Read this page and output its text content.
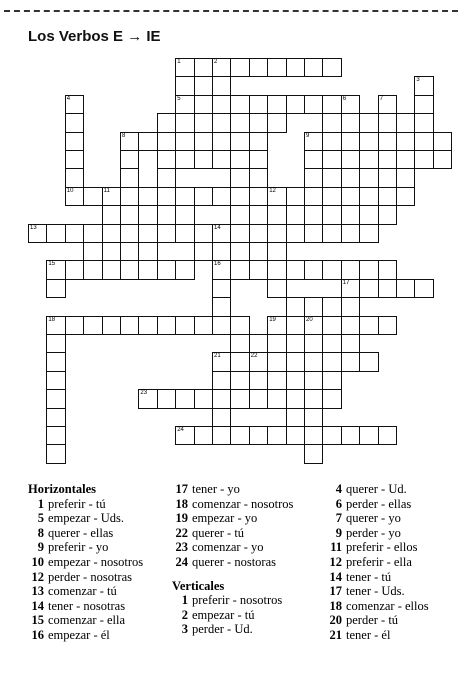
Los Verbos E → IE
1	2
3
4	5	6	7
8	9
10	11	12
13	14
15	16
17
18	19	20
21	22
23
24
Horizontales
1 preferir - tú
5 empezar - Uds.
8 querer - ellas
9 preferir - yo
10 empezar - nosotros
12 perder - nosotras
13 comenzar - tú
14 tener - nosotras
15 comenzar - ella
16 empezar - él
17 tener - yo
18 comenzar - nosotros
19 empezar - yo
22 querer - tú
23 comenzar - yo
24 querer - nostoras
Verticales
1 preferir - nosotros
2 empezar - tú
3 perder - Ud.
4 querer - Ud.
6 perder - ellas
7 querer - yo
9 perder - yo
11 preferir - ellos
12 preferir - ella
14 tener - tú
17 tener - Uds.
18 comenzar - ellos
20 perder - tú
21 tener - él
